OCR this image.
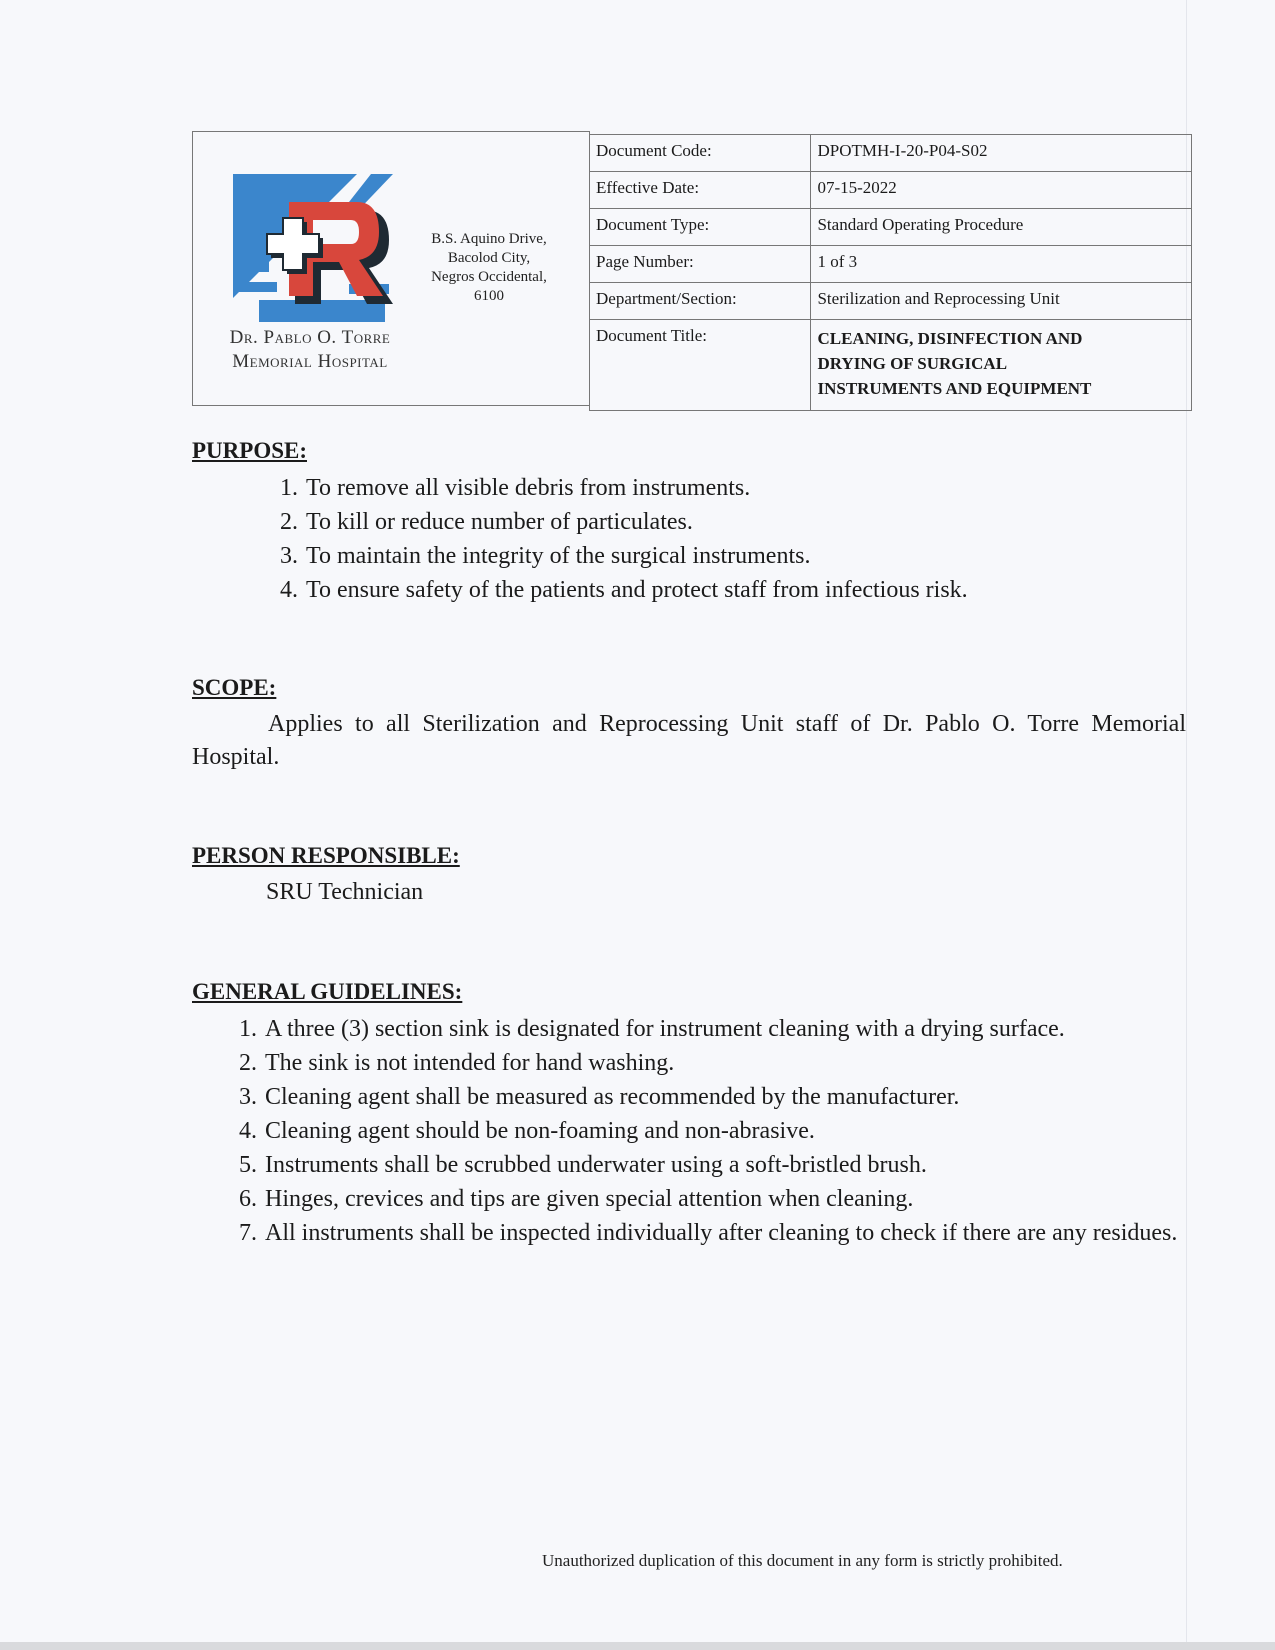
Dr. Pablo O. Torre
Memorial Hospital
B.S. Aquino Drive,
Bacolod City,
Negros Occidental,
6100
Document Code:	DPOTMH-I-20-P04-S02
Effective Date:	07-15-2022
Document Type:	Standard Operating Procedure
Page Number:	1 of 3
Department/Section:	Sterilization and Reprocessing Unit
Document Title:	CLEANING, DISINFECTION AND
DRYING OF SURGICAL
INSTRUMENTS AND EQUIPMENT
PURPOSE:
1. To remove all visible debris from instruments.
2. To kill or reduce number of particulates.
3. To maintain the integrity of the surgical instruments.
4. To ensure safety of the patients and protect staff from infectious risk.
SCOPE:
Applies to all Sterilization and Reprocessing Unit staff of Dr. Pablo O. Torre Memorial Hospital.
PERSON RESPONSIBLE:
SRU Technician
GENERAL GUIDELINES:
1. A three (3) section sink is designated for instrument cleaning with a drying surface.
2. The sink is not intended for hand washing.
3. Cleaning agent shall be measured as recommended by the manufacturer.
4. Cleaning agent should be non-foaming and non-abrasive.
5. Instruments shall be scrubbed underwater using a soft-bristled brush.
6. Hinges, crevices and tips are given special attention when cleaning.
7. All instruments shall be inspected individually after cleaning to check if there are any residues.
Unauthorized duplication of this document in any form is strictly prohibited.
